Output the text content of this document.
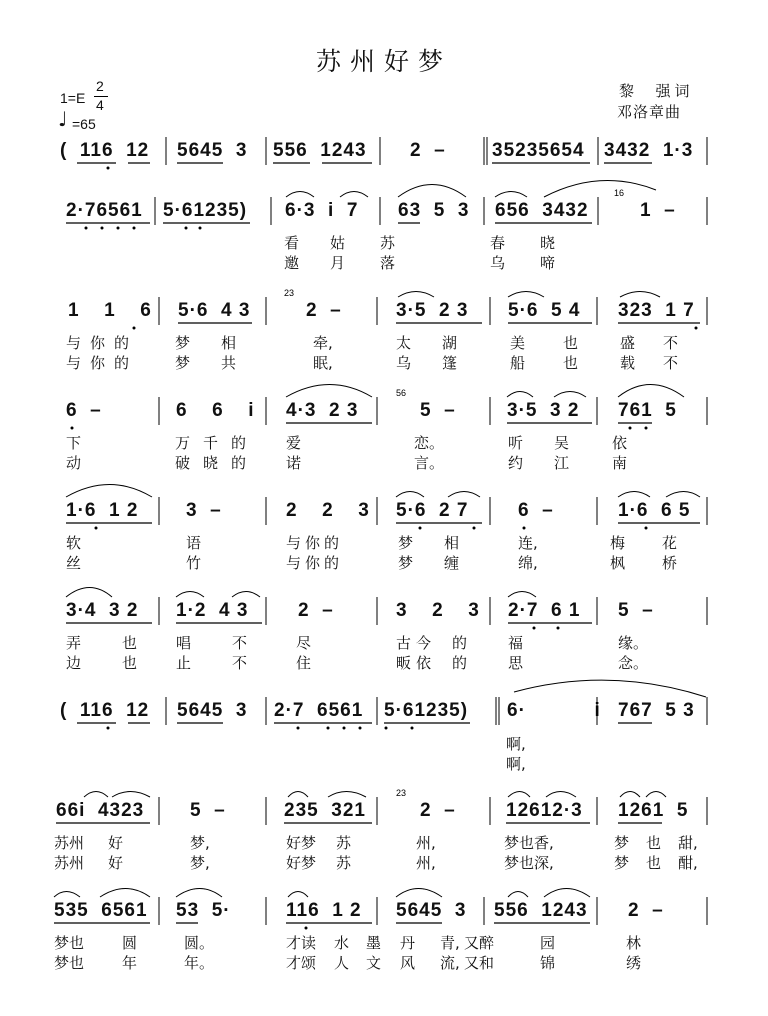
苏州好梦
黎  强词
邓洛章曲
1=E
2
4
♩ =65
(  116  12 5645  3 556  1243 2  – 35235654 3432  1·3
2·76561 5·61235) 6·3  i  7 63  5  3 656  3432	1  –
看 姑 苏	春 晓
邀 月 落	乌 啼
1  1  6 5·6  4 3	2  –	3·5  2 3 5·6  5 4 323  1 7
与你的 梦 相	牵,	太 湖	美	也	盛 不
与你的 梦 共	眠,	乌 篷	船	也	载 不
6  –	6  6  i 4·3  2 3	5  –	3·5  3 2 761  5
下	万千的 爱	恋。	听 吴	依
动	破晓的 诺	言。	约 江	南
1·6  1 2	3  –	2  2  3 5·6  2 7	6  –	1·6  6 5
软	语	与你的	梦 相	连,	梅 花
丝	竹	与你的	梦 缠	绵,	枫 桥
3·4  3 2 1·2  4 3	2  –	3  2  3 2·7  6 1 5  –
弄	也	唱	不	尽	古 今 的	福	缘。
边	也	止	不	住	畈 依 的	思	念。
(  116  12 5645  3 2·7  6561 5·61235) 6·  i 767  5 3
啊,
啊,
66i  4323 5  –	235  321	2  –	12612·3 1261  5
苏州 好	梦,	好梦 苏	州,	梦也香,	梦 也 甜,
苏州 好	梦,	好梦 苏	州,	梦也深,	梦 也 酣,
535  6561 53  5·	116  1 2 5645  3 556  1243 2  –
梦也	圆	圆。	才读 水 墨 丹 青, 又醉	园	林
梦也	年	年。	才颂 人 文 风 流, 又和	锦	绣
16
23
56
23
